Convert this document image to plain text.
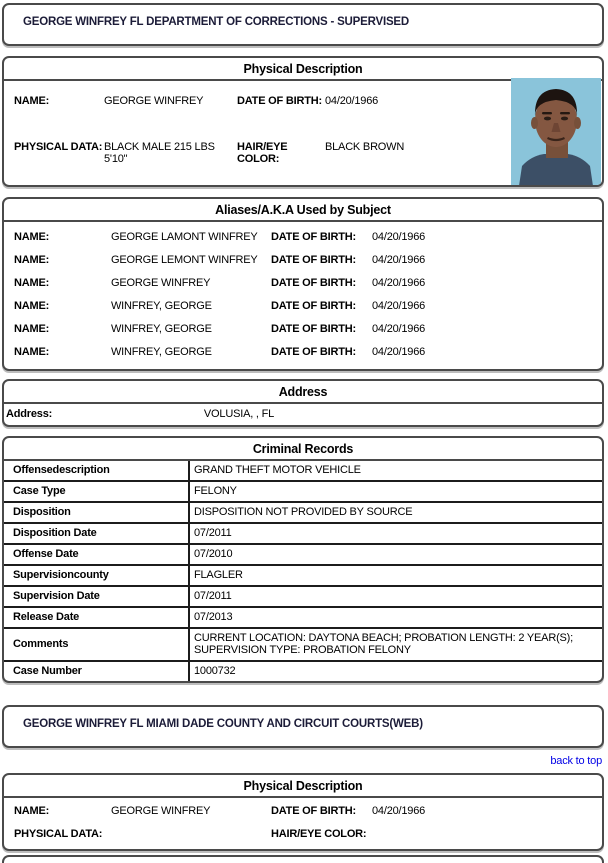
GEORGE WINFREY FL DEPARTMENT OF CORRECTIONS - SUPERVISED
Physical Description
NAME:	GEORGE WINFREY	DATE OF BIRTH: 04/20/1966
PHYSICAL DATA: BLACK MALE 215 LBS 5'10"
HAIR/EYE COLOR:
BLACK BROWN
Aliases/A.K.A Used by Subject
NAME:	GEORGE LAMONT WINFREY	DATE OF BIRTH:	04/20/1966
NAME:	GEORGE LEMONT WINFREY	DATE OF BIRTH:	04/20/1966
NAME:	GEORGE WINFREY	DATE OF BIRTH:	04/20/1966
NAME:	WINFREY, GEORGE	DATE OF BIRTH:	04/20/1966
NAME:	WINFREY, GEORGE	DATE OF BIRTH:	04/20/1966
NAME:	WINFREY, GEORGE	DATE OF BIRTH:	04/20/1966
Address
Address:	VOLUSIA, , FL
Criminal Records
Offensedescription	GRAND THEFT MOTOR VEHICLE
Case Type	FELONY
Disposition	DISPOSITION NOT PROVIDED BY SOURCE
Disposition Date	07/2011
Offense Date	07/2010
Supervisioncounty	FLAGLER
Supervision Date	07/2011
Release Date	07/2013
Comments	CURRENT LOCATION: DAYTONA BEACH; PROBATION LENGTH: 2 YEAR(S); SUPERVISION TYPE: PROBATION FELONY
Case Number	1000732
GEORGE WINFREY FL MIAMI DADE COUNTY AND CIRCUIT COURTS(WEB)
back to top
Physical Description
NAME:	GEORGE WINFREY	DATE OF BIRTH:	04/20/1966
PHYSICAL DATA:	HAIR/EYE COLOR:
